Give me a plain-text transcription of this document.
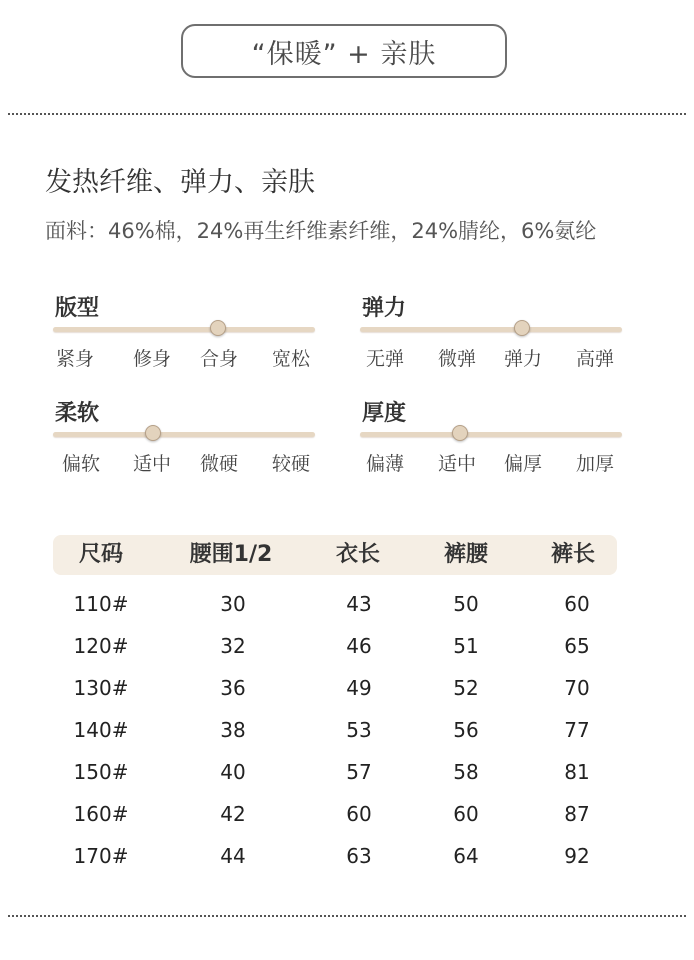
“保暖” + 亲肤
发热纤维、弹力、亲肤
面料：46%棉，24%再生纤维素纤维，24%腈纶，6%氨纶
版型
紧身 修身 合身 宽松
弹力
无弹 微弹 弹力 高弹
柔软
偏软 适中 微硬 较硬
厚度
偏薄 适中 偏厚 加厚
尺码	腰围1/2	衣长	裤腰	裤长
110#	30	43	50	60
120#	32	46	51	65
130#	36	49	52	70
140#	38	53	56	77
150#	40	57	58	81
160#	42	60	60	87
170#	44	63	64	92
